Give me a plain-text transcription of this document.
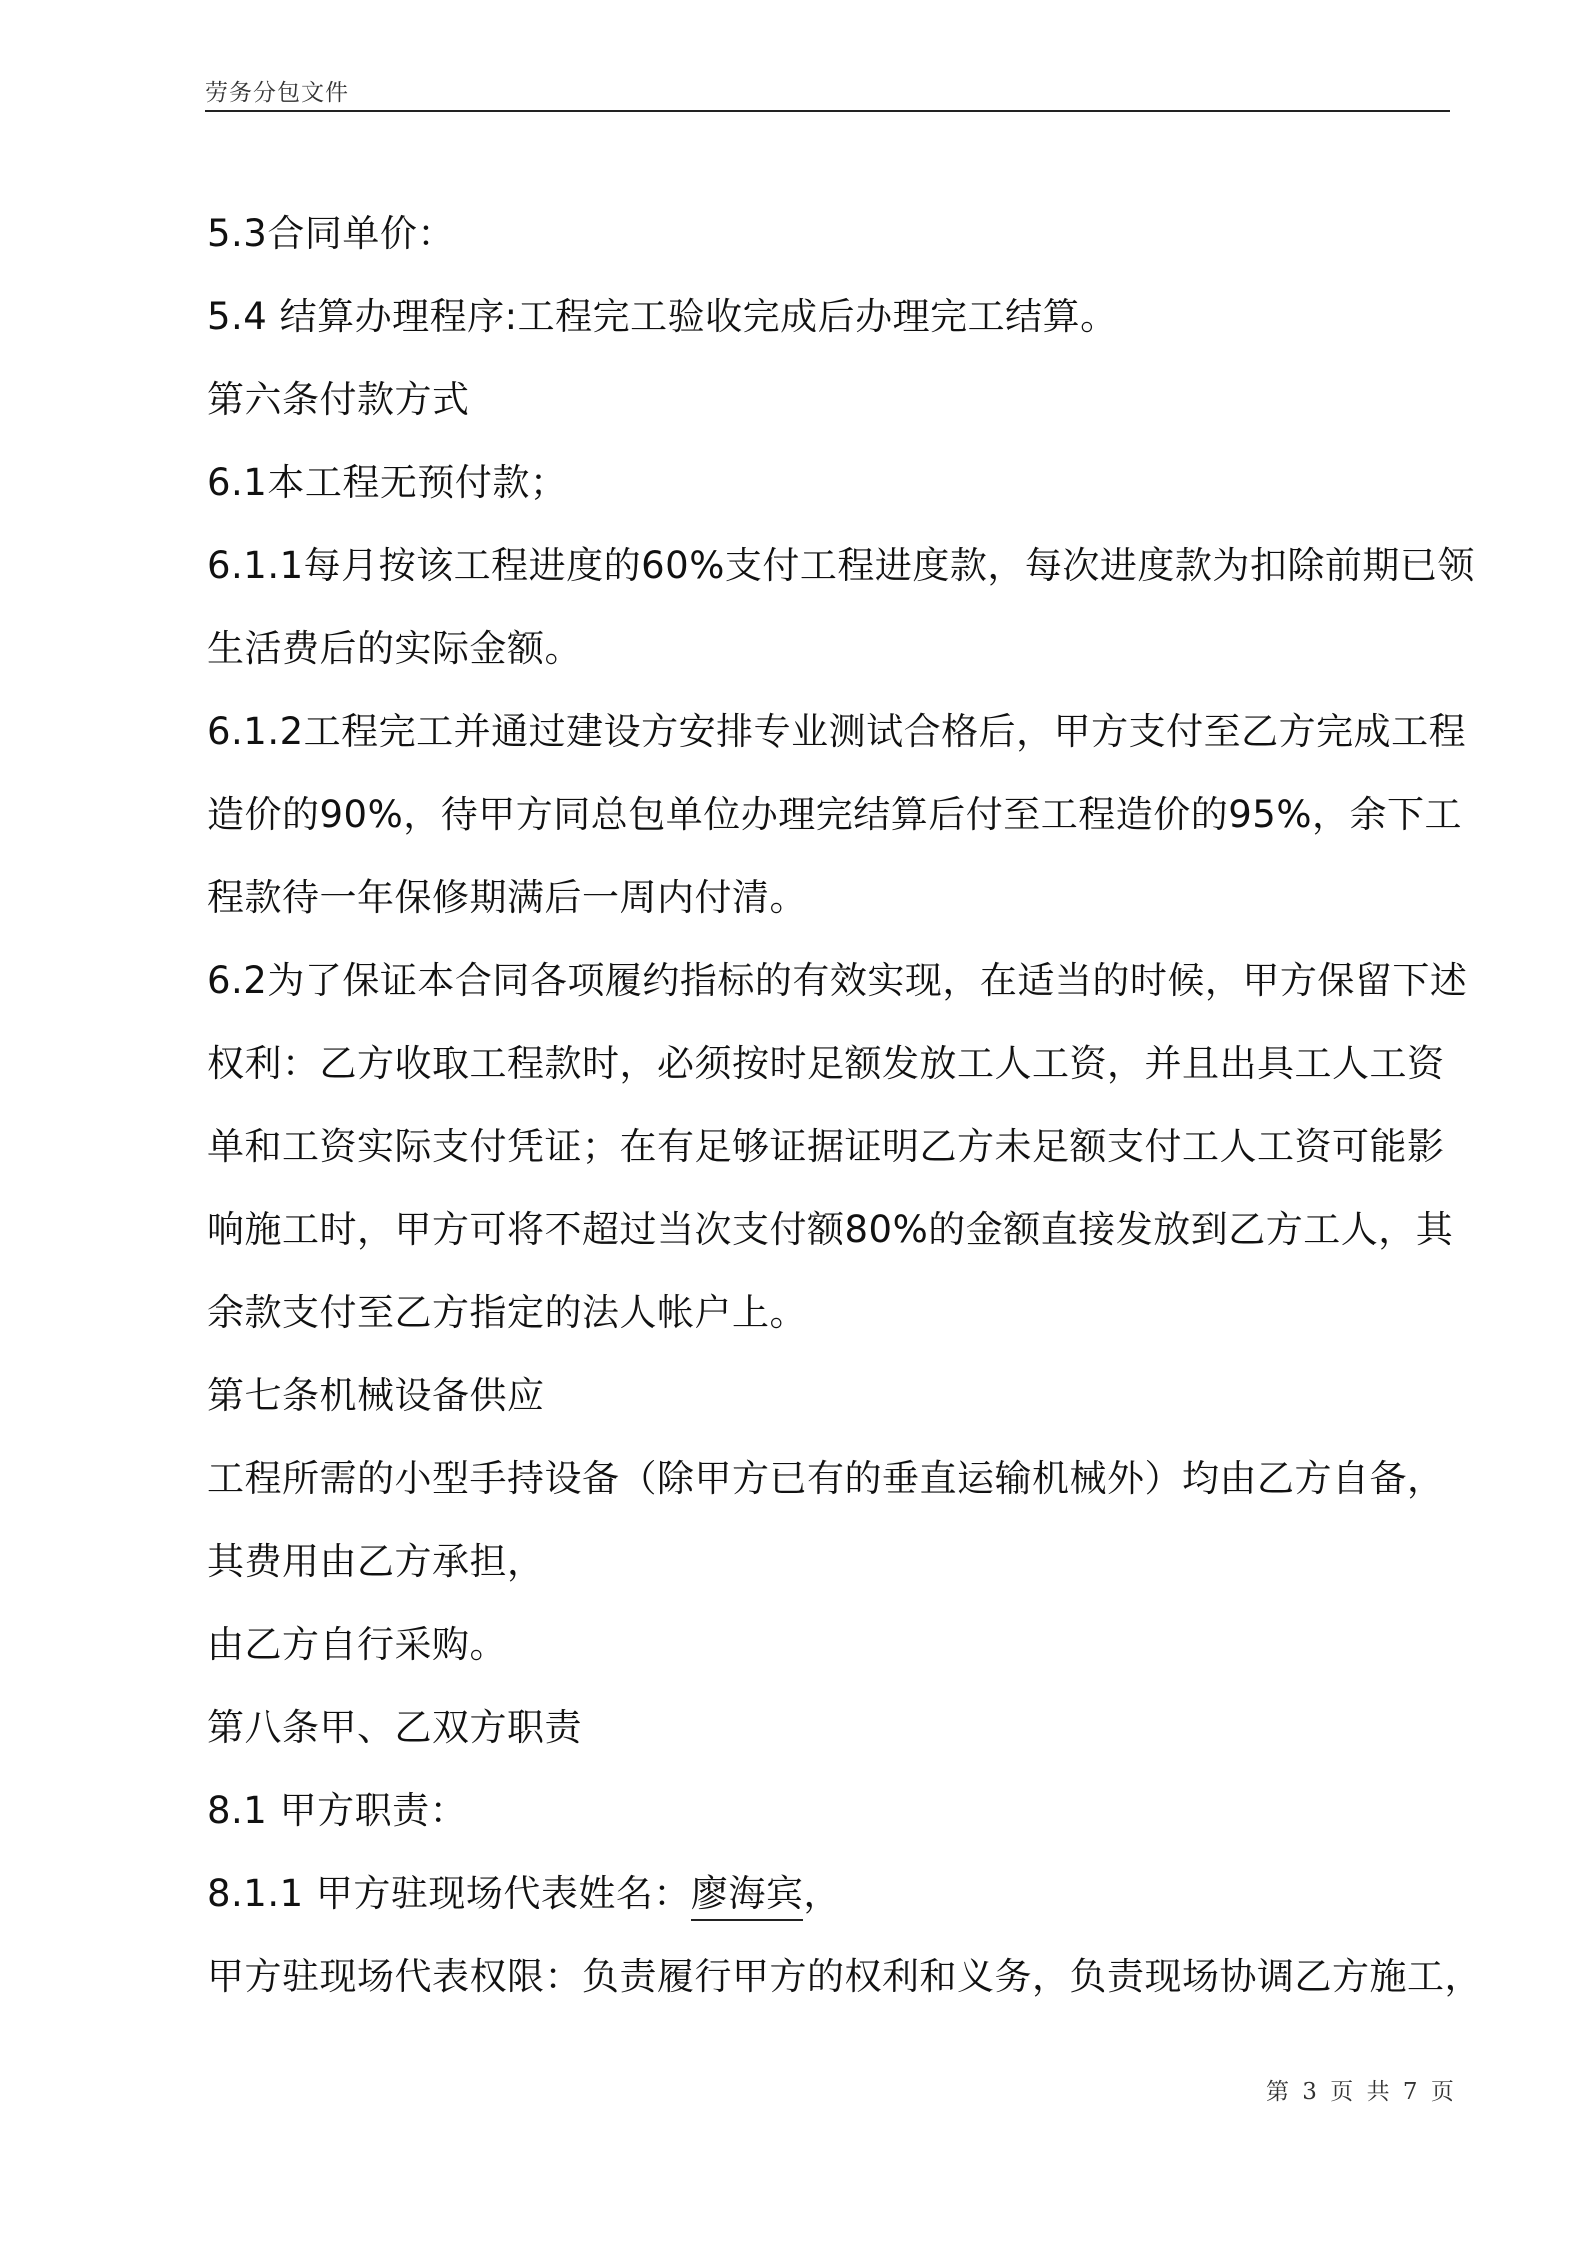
劳务分包文件
5.3合同单价：
5.4 结算办理程序:工程完工验收完成后办理完工结算。
第六条付款方式
6.1本工程无预付款；
6.1.1每月按该工程进度的60%支付工程进度款，每次进度款为扣除前期已领
生活费后的实际金额。
6.1.2工程完工并通过建设方安排专业测试合格后，甲方支付至乙方完成工程
造价的90%，待甲方同总包单位办理完结算后付至工程造价的95%，余下工
程款待一年保修期满后一周内付清。
6.2为了保证本合同各项履约指标的有效实现，在适当的时候，甲方保留下述
权利：乙方收取工程款时，必须按时足额发放工人工资，并且出具工人工资
单和工资实际支付凭证；在有足够证据证明乙方未足额支付工人工资可能影
响施工时，甲方可将不超过当次支付额80%的金额直接发放到乙方工人，其
余款支付至乙方指定的法人帐户上。
第七条机械设备供应
工程所需的小型手持设备（除甲方已有的垂直运输机械外）均由乙方自备，
其费用由乙方承担，
由乙方自行采购。
第八条甲、乙双方职责
8.1 甲方职责：
8.1.1 甲方驻现场代表姓名：廖海宾，
甲方驻现场代表权限：负责履行甲方的权利和义务，负责现场协调乙方施工，
第 3 页 共 7 页
